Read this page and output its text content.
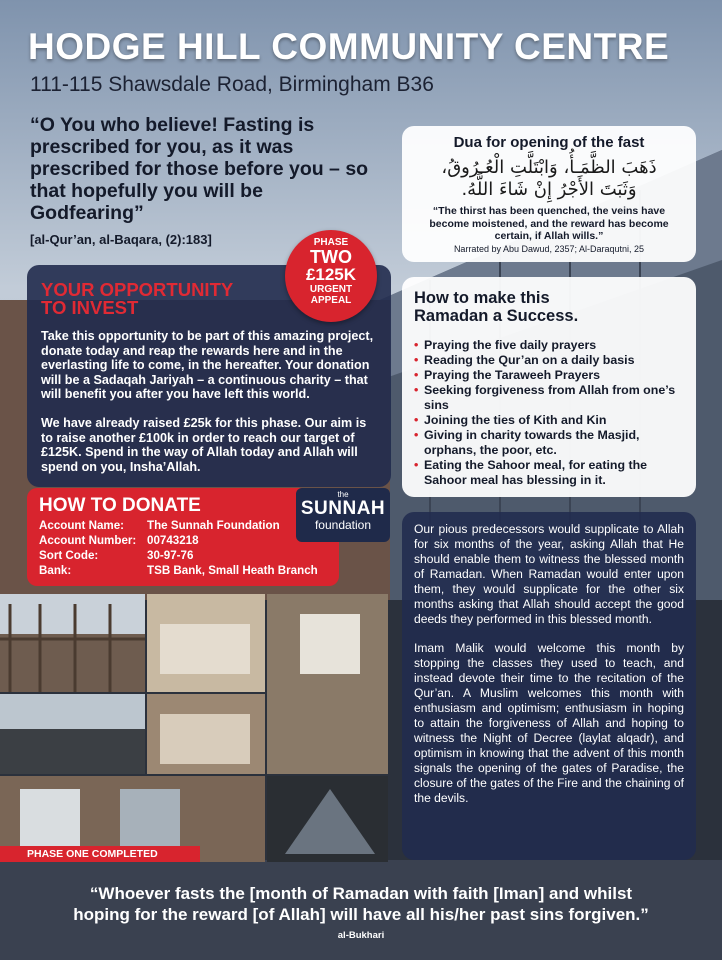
HODGE HILL COMMUNITY CENTRE
111-115 Shawsdale Road, Birmingham B36
“O You who believe! Fasting is prescribed for you, as it was prescribed for those before you – so that hopefully you will be Godfearing”
[al-Qur’an, al-Baqara, (2):183]
Dua for opening of the fast
ذَهَبَ الظَّمَـأُ، وَابْتَلَّتِ الْعُـرُوقُ،
وَثَبَتَ الأَجْرُ إِنْ شَاءَ اللَّهُ.
“The thirst has been quenched, the veins have become moistened, and the reward has become certain, if Allah wills.”
Narrated by Abu Dawud, 2357; Al-Daraqutni, 25
YOUR OPPORTUNITY
TO INVEST

Take this opportunity to be part of this amazing project, donate today and reap the rewards here and in the everlasting life to come, in the hereafter. Your donation will be a Sadaqah Jariyah – a continuous charity – that will benefit you after you have left this world.

We have already raised £25k for this phase. Our aim is to raise another £100k in order to reach our target of £125K. Spend in the way of Allah today and Allah will spend on you, Insha’Allah.

PHASE
TWO
£125K
URGENT
APPEAL	How to make this
Ramadan a Success.
• Praying the five daily prayers
• Reading the Qur’an on a daily basis
• Praying the Taraweeh Prayers
• Seeking forgiveness from Allah from one’s sins
• Joining the ties of Kith and Kin
• Giving in charity towards the Masjid, orphans, the poor, etc.
• Eating the Sahoor meal, for eating the Sahoor meal has blessing in it.
HOW TO DONATE
Account Name:	The Sunnah Foundation
Account Number: 00743218
Sort Code:	30-97-76
Bank:	TSB Bank, Small Heath Branch
the
SUNNAH
foundation
PHASE ONE COMPLETED

Our pious predecessors would supplicate to Allah for six months of the year, asking Allah that He should enable them to witness the blessed month of Ramadan. When Ramadan would enter upon them, they would supplicate for the other six months asking that Allah should accept the good deeds they performed in this blessed month.

Imam Malik would welcome this month by stopping the classes they used to teach, and instead devote their time to the recitation of the Qur’an. A Muslim welcomes this month with enthusiasm and optimism; enthusiasm in hoping to attain the forgiveness of Allah and hoping to witness the Night of Decree (laylat alqadr), and optimism in knowing that the advent of this month signals the opening of the gates of Paradise, the closure of the gates of the Fire and the chaining of the devils.

“Whoever fasts the [month of Ramadan with faith [Iman] and whilst
hoping for the reward [of Allah] will have all his/her past sins forgiven.”
al-Bukhari
